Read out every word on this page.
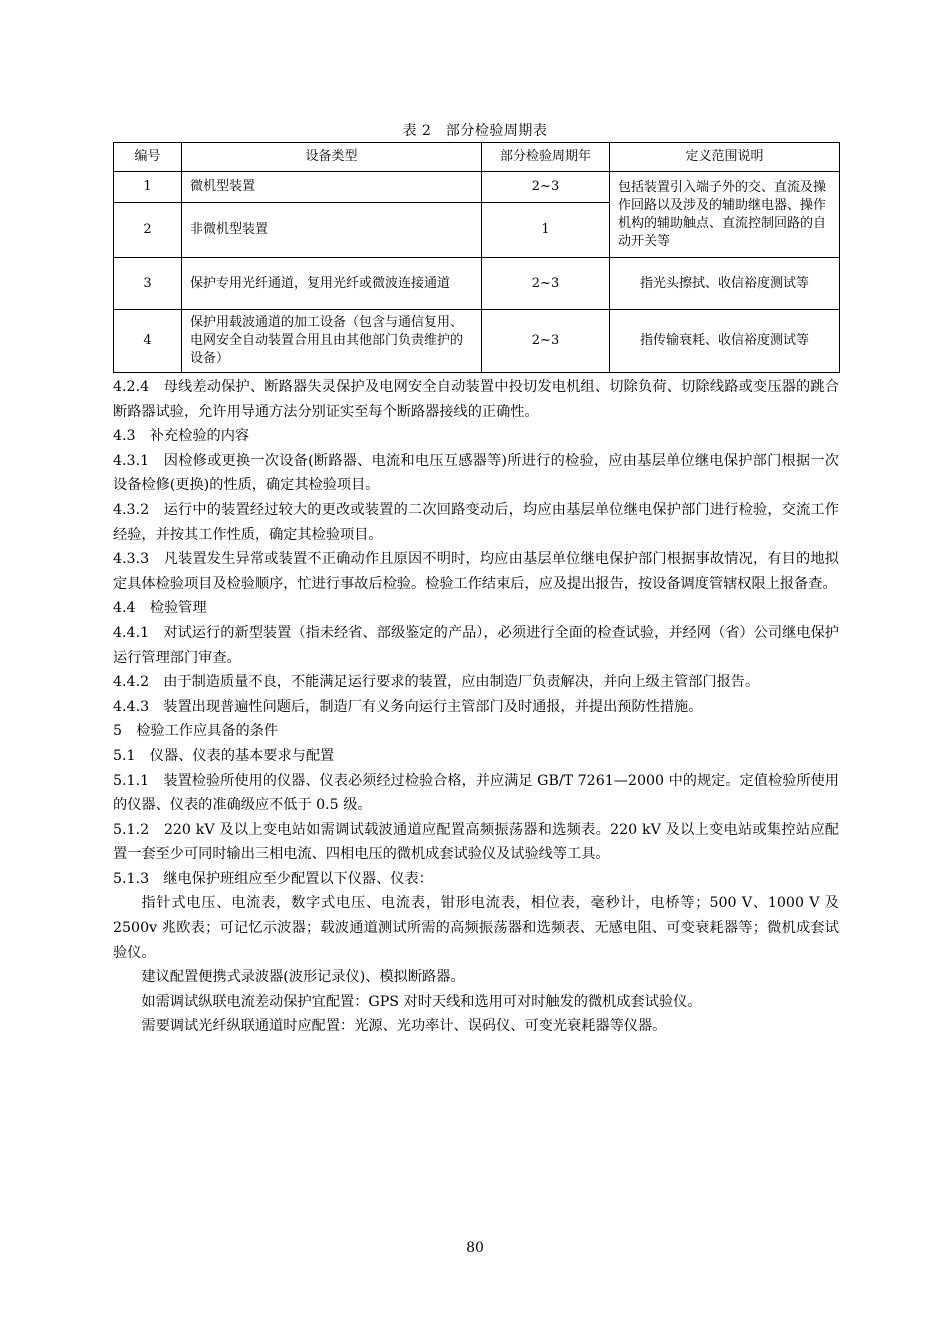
表 2　部分检验周期表
编号	设备类型	部分检验周期年	定义范围说明
1	微机型装置	2~3	包括装置引入端子外的交、直流及操作回路以及涉及的辅助继电器、操作机构的辅助触点、直流控制回路的自动开关等
2	非微机型装置	1	
3	保护专用光纤通道，复用光纤或微波连接通道	2~3	指光头擦拭、收信裕度测试等
4	保护用载波通道的加工设备（包含与通信复用、电网安全自动装置合用且由其他部门负责维护的设备）	2~3	指传输衰耗、收信裕度测试等

4.2.4　母线差动保护、断路器失灵保护及电网安全自动装置中投切发电机组、切除负荷、切除线路或变压器的跳合断路器试验，允许用导通方法分别证实至每个断路器接线的正确性。

4.3　补充检验的内容

4.3.1　因检修或更换一次设备(断路器、电流和电压互感器等)所进行的检验，应由基层单位继电保护部门根据一次设备检修(更换)的性质，确定其检验项目。

4.3.2　运行中的装置经过较大的更改或装置的二次回路变动后，均应由基层单位继电保护部门进行检验，交流工作经验，并按其工作性质，确定其检验项目。

4.3.3　凡装置发生异常或装置不正确动作且原因不明时，均应由基层单位继电保护部门根据事故情况，有目的地拟定具体检验项目及检验顺序，忙进行事故后检验。检验工作结束后，应及提出报告，按设备调度管辖权限上报备查。

4.4　检验管理

4.4.1　对试运行的新型装置（指未经省、部级鉴定的产品），必须进行全面的检查试验，并经网（省）公司继电保护运行管理部门审查。

4.4.2　由于制造质量不良，不能满足运行要求的装置，应由制造厂负责解决，并向上级主管部门报告。

4.4.3　装置出现普遍性问题后，制造厂有义务向运行主管部门及时通报，并提出预防性措施。

5　检验工作应具备的条件

5.1　仪器、仪表的基本要求与配置

5.1.1　装置检验所使用的仪器、仪表必须经过检验合格，并应满足 GB/T 7261—2000 中的规定。定值检验所使用的仪器、仪表的准确级应不低于 0.5 级。

5.1.2　220 kV 及以上变电站如需调试载波通道应配置高频振荡器和选频表。220 kV 及以上变电站或集控站应配置一套至少可同时输出三相电流、四相电压的微机成套试验仪及试验线等工具。

5.1.3　继电保护班组应至少配置以下仪器、仪表：

指针式电压、电流表，数字式电压、电流表，钳形电流表，相位表，毫秒计，电桥等；500 V、1000 V 及 2500v 兆欧表；可记忆示波器；载波通道测试所需的高频振荡器和选频表、无感电阻、可变衰耗器等；微机成套试验仪。

建议配置便携式录波器(波形记录仪)、模拟断路器。

如需调试纵联电流差动保护宜配置：GPS 对时天线和选用可对时触发的微机成套试验仪。

需要调试光纤纵联通道时应配置：光源、光功率计、误码仪、可变光衰耗器等仪器。

80
